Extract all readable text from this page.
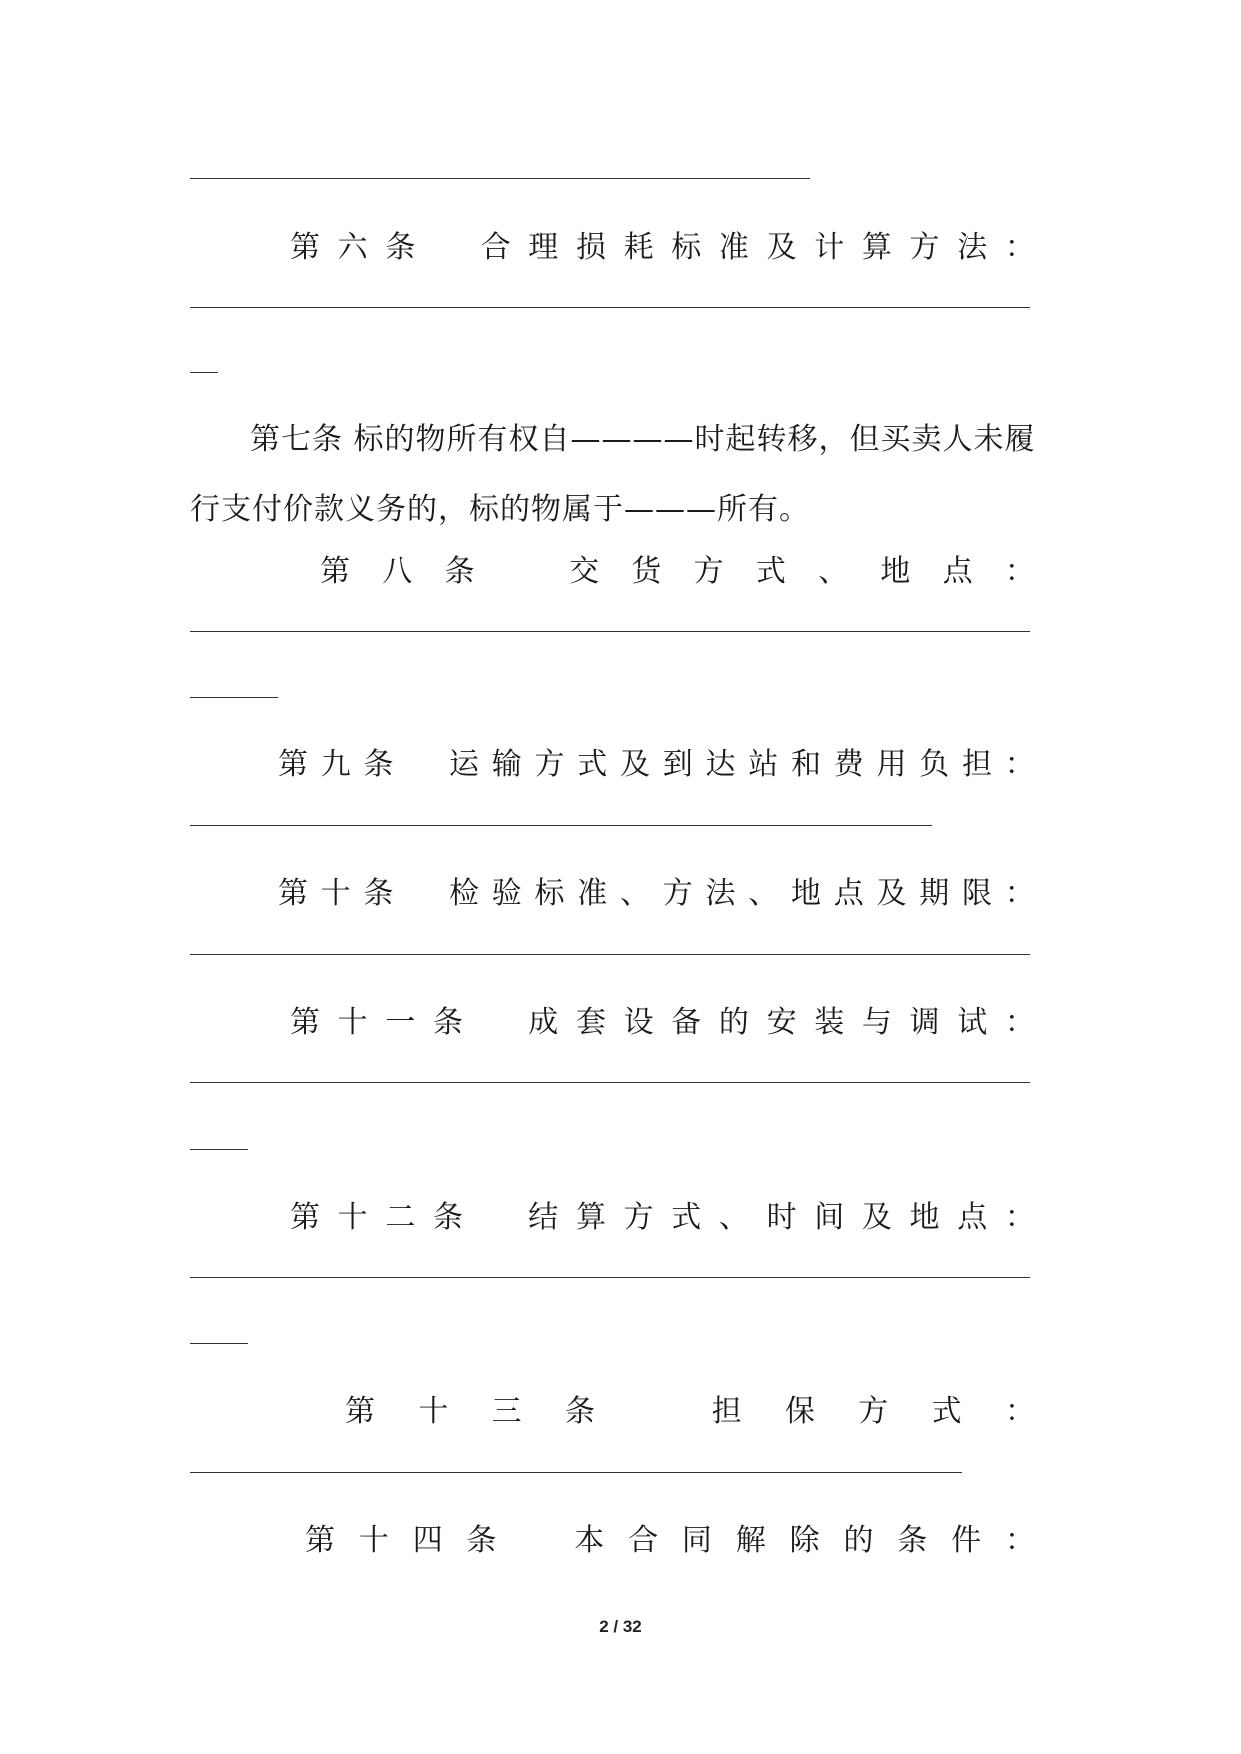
第 六 条
　 合 理 损 耗 标 准 及 计 算 方 法 ：
第七条 标的物所有权自————时起转移，但买卖人未履
行支付价款义务的，标的物属于———所有。
第 八 条
　	交 货 方 式 、 地 点 ：
第 九 条
　 运 输 方 式 及 到 达 站 和 费 用 负 担 ：
第 十 条
　 检 验 标 准 、 方 法 、 地 点 及 期 限 ：
第 十 一 条
　 成 套 设 备 的 安 装 与 调 试 ：
第 十 二 条
　 结 算 方 式 、 时 间 及 地 点 ：
第 十 三 条
　	担 保 方 式 ：
第 十 四 条
　	本 合 同 解 除 的 条 件 ：
2 / 32
